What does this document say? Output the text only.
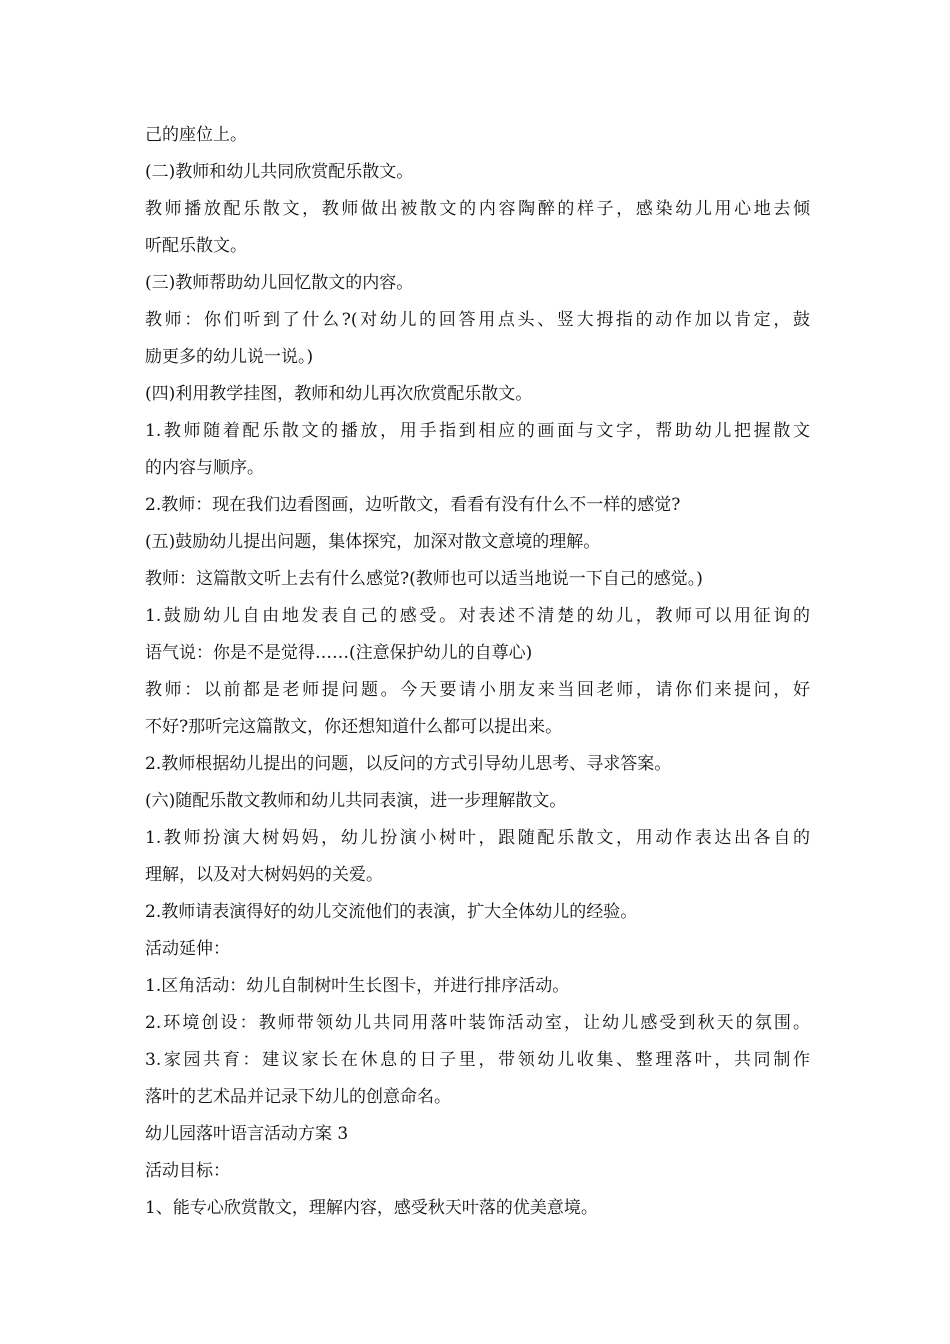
己的座位上。
(二)教师和幼儿共同欣赏配乐散文。
教师播放配乐散文，教师做出被散文的内容陶醉的样子，感染幼儿用心地去倾
听配乐散文。
(三)教师帮助幼儿回忆散文的内容。
教师：你们听到了什么?(对幼儿的回答用点头、竖大拇指的动作加以肯定，鼓
励更多的幼儿说一说。)
(四)利用教学挂图，教师和幼儿再次欣赏配乐散文。
1.教师随着配乐散文的播放，用手指到相应的画面与文字，帮助幼儿把握散文
的内容与顺序。
2.教师：现在我们边看图画，边听散文，看看有没有什么不一样的感觉?
(五)鼓励幼儿提出问题，集体探究，加深对散文意境的理解。
教师：这篇散文听上去有什么感觉?(教师也可以适当地说一下自己的感觉。)
1.鼓励幼儿自由地发表自己的感受。对表述不清楚的幼儿，教师可以用征询的
语气说：你是不是觉得……(注意保护幼儿的自尊心)
教师：以前都是老师提问题。今天要请小朋友来当回老师，请你们来提问，好
不好?那听完这篇散文，你还想知道什么都可以提出来。
2.教师根据幼儿提出的问题，以反问的方式引导幼儿思考、寻求答案。
(六)随配乐散文教师和幼儿共同表演，进一步理解散文。
1.教师扮演大树妈妈，幼儿扮演小树叶，跟随配乐散文，用动作表达出各自的
理解，以及对大树妈妈的关爱。
2.教师请表演得好的幼儿交流他们的表演，扩大全体幼儿的经验。
活动延伸：
1.区角活动：幼儿自制树叶生长图卡，并进行排序活动。
2.环境创设：教师带领幼儿共同用落叶装饰活动室，让幼儿感受到秋天的氛围。
3.家园共育：建议家长在休息的日子里，带领幼儿收集、整理落叶，共同制作
落叶的艺术品并记录下幼儿的创意命名。
幼儿园落叶语言活动方案 3
活动目标：
1、能专心欣赏散文，理解内容，感受秋天叶落的优美意境。
